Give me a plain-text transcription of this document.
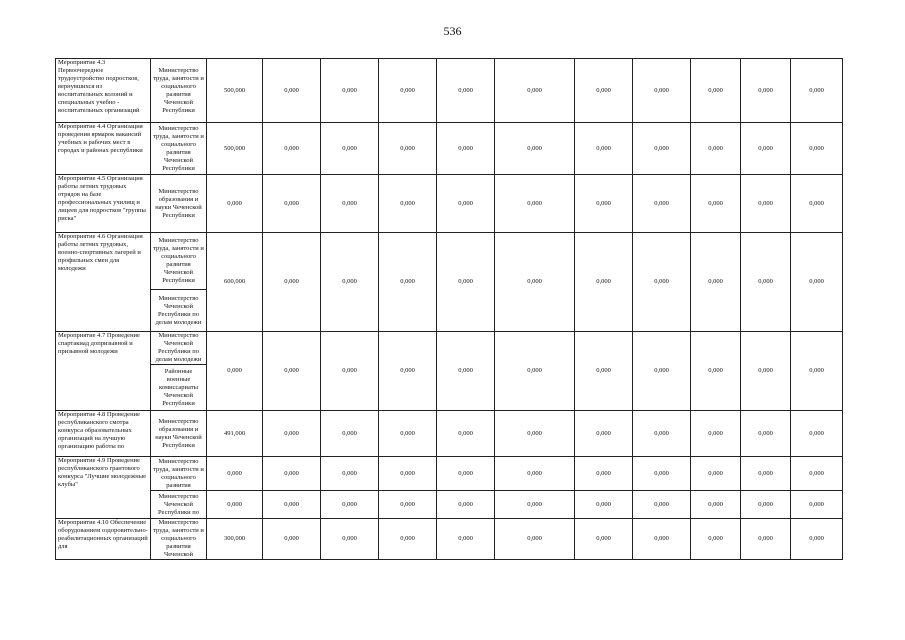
536
Мероприятие 4.3 Первоочередное трудоустройство подростков, вернувшихся из воспитательных колоний и специальных учебно - воспитательных организаций	Министерство труда, занятости и социального развития Чеченской Республики	500,000	0,000	0,000	0,000	0,000	0,000	0,000	0,000	0,000	0,000	0,000
Мероприятие 4.4 Организация проведения ярмарок вакансий учебных и рабочих мест в городах и районах республики	Министерство труда, занятости и социального развития Чеченской Республики	500,000	0,000	0,000	0,000	0,000	0,000	0,000	0,000	0,000	0,000	0,000
Мероприятие 4.5 Организация работы летних трудовых отрядов на базе профессиональных училищ и лицеев для подростков "группы риска"	Министерство образования и науки Чеченской Республики	0,000	0,000	0,000	0,000	0,000	0,000	0,000	0,000	0,000	0,000	0,000
Мероприятие 4.6 Организация работы летних трудовых, военно-спортивных лагерей и профильных смен для молодежи	Министерство труда, занятости и социального развития Чеченской Республики	600,000	0,000	0,000	0,000	0,000	0,000	0,000	0,000	0,000	0,000	0,000
	Министерство Чеченской Республики по делам молодежи											
Мероприятие 4.7 Проведение спартакиад допризывной и призывной молодежи	Министерство Чеченской Республики по делам молодежи	0,000	0,000	0,000	0,000	0,000	0,000	0,000	0,000	0,000	0,000	0,000
	Районные военные комиссариаты Чеченской Республики											
Мероприятие 4.8 Проведение республиканского смотра конкурса образовательных организаций на лучшую организацию работы по	Министерство образования и науки Чеченской Республики	491,000	0,000	0,000	0,000	0,000	0,000	0,000	0,000	0,000	0,000	0,000
Мероприятие 4.9 Проведение республиканского грантового конкурса "Лучшие молодежные клубы"	Министерство труда, занятости и социального развития	0,000	0,000	0,000	0,000	0,000	0,000	0,000	0,000	0,000	0,000	0,000
	Министерство Чеченской Республики по	0,000	0,000	0,000	0,000	0,000	0,000	0,000	0,000	0,000	0,000	0,000
Мероприятие 4.10 Обеспечение оборудованием оздоровительно-реабилитационных организаций для	Министерство труда, занятости и социального развития Чеченской	300,000	0,000	0,000	0,000	0,000	0,000	0,000	0,000	0,000	0,000	0,000
